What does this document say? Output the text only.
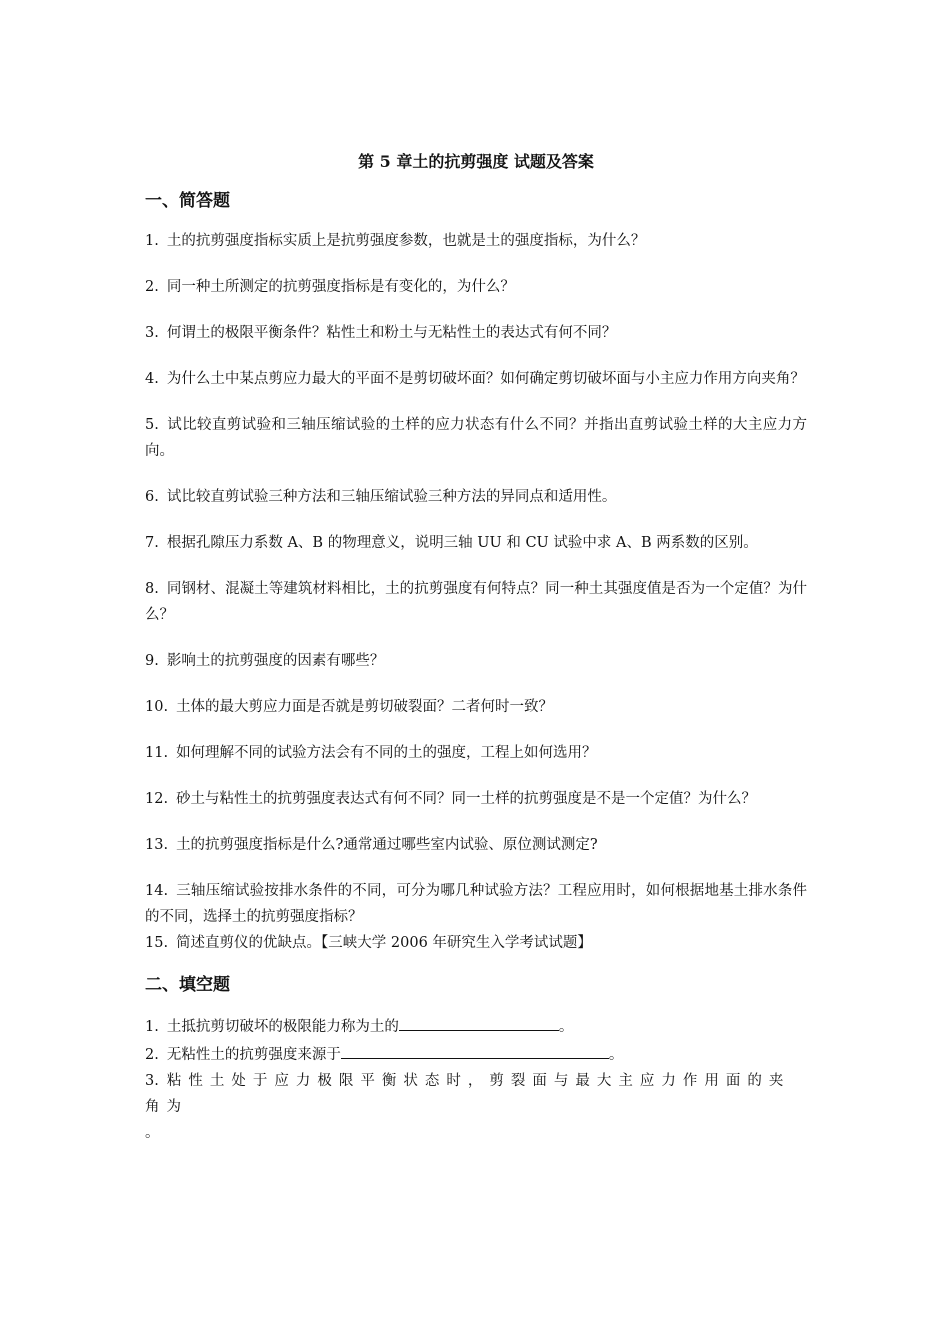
第 5 章土的抗剪强度 试题及答案
一、简答题
1. 土的抗剪强度指标实质上是抗剪强度参数，也就是土的强度指标，为什么？
2. 同一种土所测定的抗剪强度指标是有变化的，为什么？
3. 何谓土的极限平衡条件？粘性土和粉土与无粘性土的表达式有何不同？
4. 为什么土中某点剪应力最大的平面不是剪切破坏面？如何确定剪切破坏面与小主应力作用方向夹角？
5. 试比较直剪试验和三轴压缩试验的土样的应力状态有什么不同？并指出直剪试验土样的大主应力方向。
6. 试比较直剪试验三种方法和三轴压缩试验三种方法的异同点和适用性。
7. 根据孔隙压力系数 A、B 的物理意义，说明三轴 UU 和 CU 试验中求 A、B 两系数的区别。
8. 同钢材、混凝土等建筑材料相比，土的抗剪强度有何特点？同一种土其强度值是否为一个定值？为什么？
9. 影响土的抗剪强度的因素有哪些？
10. 土体的最大剪应力面是否就是剪切破裂面？二者何时一致？
11. 如何理解不同的试验方法会有不同的土的强度，工程上如何选用？
12. 砂土与粘性土的抗剪强度表达式有何不同？同一土样的抗剪强度是不是一个定值？为什么？
13. 土的抗剪强度指标是什么?通常通过哪些室内试验、原位测试测定?
14. 三轴压缩试验按排水条件的不同，可分为哪几种试验方法？工程应用时，如何根据地基土排水条件的不同，选择土的抗剪强度指标？
15. 简述直剪仪的优缺点。【三峡大学 2006 年研究生入学考试试题】
二、填空题
1. 土抵抗剪切破坏的极限能力称为土的	。
2. 无粘性土的抗剪强度来源于	。
3. 粘性土处于应力极限平衡状态时，剪裂面与最大主应力作用面的夹角为
。
